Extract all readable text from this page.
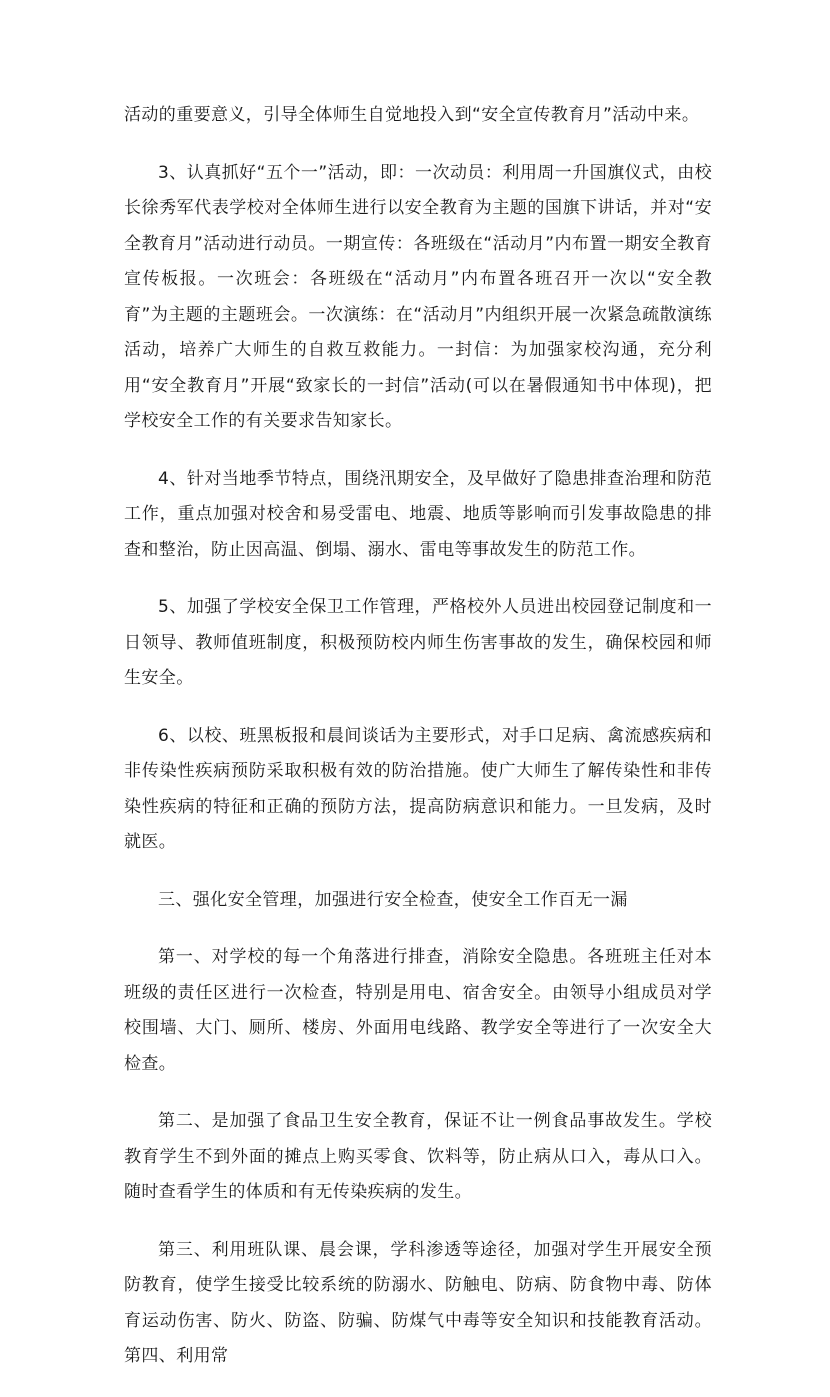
活动的重要意义，引导全体师生自觉地投入到“安全宣传教育月”活动中来。

3、认真抓好“五个一”活动，即：一次动员：利用周一升国旗仪式，由校长徐秀军代表学校对全体师生进行以安全教育为主题的国旗下讲话，并对“安全教育月”活动进行动员。一期宣传：各班级在“活动月”内布置一期安全教育宣传板报。一次班会：各班级在“活动月”内布置各班召开一次以“安全教育”为主题的主题班会。一次演练：在“活动月”内组织开展一次紧急疏散演练活动，培养广大师生的自救互救能力。一封信：为加强家校沟通，充分利用“安全教育月”开展“致家长的一封信”活动(可以在暑假通知书中体现)，把学校安全工作的有关要求告知家长。

4、针对当地季节特点，围绕汛期安全，及早做好了隐患排查治理和防范工作，重点加强对校舍和易受雷电、地震、地质等影响而引发事故隐患的排查和整治，防止因高温、倒塌、溺水、雷电等事故发生的防范工作。

5、加强了学校安全保卫工作管理，严格校外人员进出校园登记制度和一日领导、教师值班制度，积极预防校内师生伤害事故的发生，确保校园和师生安全。

6、以校、班黑板报和晨间谈话为主要形式，对手口足病、禽流感疾病和非传染性疾病预防采取积极有效的防治措施。使广大师生了解传染性和非传染性疾病的特征和正确的预防方法，提高防病意识和能力。一旦发病，及时就医。

三、强化安全管理，加强进行安全检查，使安全工作百无一漏

第一、对学校的每一个角落进行排查，消除安全隐患。各班班主任对本班级的责任区进行一次检查，特别是用电、宿舍安全。由领导小组成员对学校围墙、大门、厕所、楼房、外面用电线路、教学安全等进行了一次安全大检查。

第二、是加强了食品卫生安全教育，保证不让一例食品事故发生。学校教育学生不到外面的摊点上购买零食、饮料等，防止病从口入，毒从口入。随时查看学生的体质和有无传染疾病的发生。

第三、利用班队课、晨会课，学科渗透等途径，加强对学生开展安全预防教育，使学生接受比较系统的防溺水、防触电、防病、防食物中毒、防体育运动伤害、防火、防盗、防骗、防煤气中毒等安全知识和技能教育活动。第四、利用常
